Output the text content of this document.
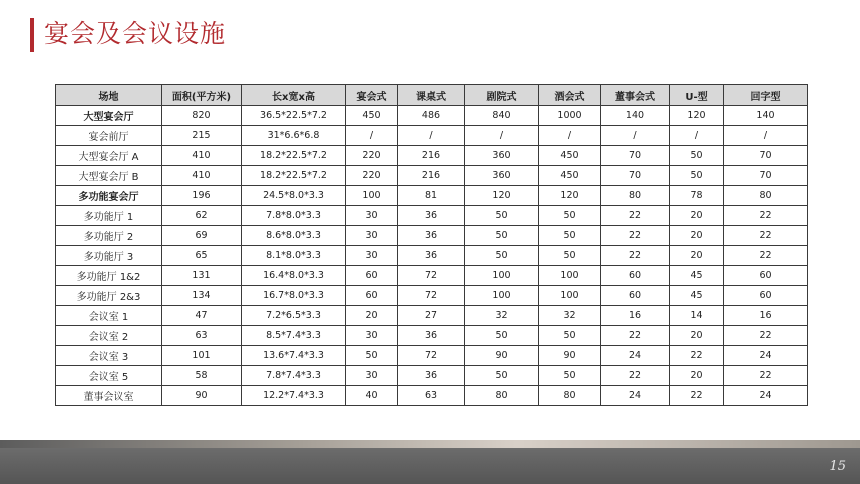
宴会及会议设施
场地	面积(平方米)	长x宽x高	宴会式	课桌式	剧院式	酒会式	董事会式	U-型	回字型
大型宴会厅	820	36.5*22.5*7.2	450	486	840	1000	140	120	140
宴会前厅	215	31*6.6*6.8	/	/	/	/	/	/	/
大型宴会厅 A	410	18.2*22.5*7.2	220	216	360	450	70	50	70
大型宴会厅 B	410	18.2*22.5*7.2	220	216	360	450	70	50	70
多功能宴会厅	196	24.5*8.0*3.3	100	81	120	120	80	78	80
多功能厅 1	62	7.8*8.0*3.3	30	36	50	50	22	20	22
多功能厅 2	69	8.6*8.0*3.3	30	36	50	50	22	20	22
多功能厅 3	65	8.1*8.0*3.3	30	36	50	50	22	20	22
多功能厅 1&2	131	16.4*8.0*3.3	60	72	100	100	60	45	60
多功能厅 2&3	134	16.7*8.0*3.3	60	72	100	100	60	45	60
会议室 1	47	7.2*6.5*3.3	20	27	32	32	16	14	16
会议室 2	63	8.5*7.4*3.3	30	36	50	50	22	20	22
会议室 3	101	13.6*7.4*3.3	50	72	90	90	24	22	24
会议室 5	58	7.8*7.4*3.3	30	36	50	50	22	20	22
董事会议室	90	12.2*7.4*3.3	40	63	80	80	24	22	24
15
